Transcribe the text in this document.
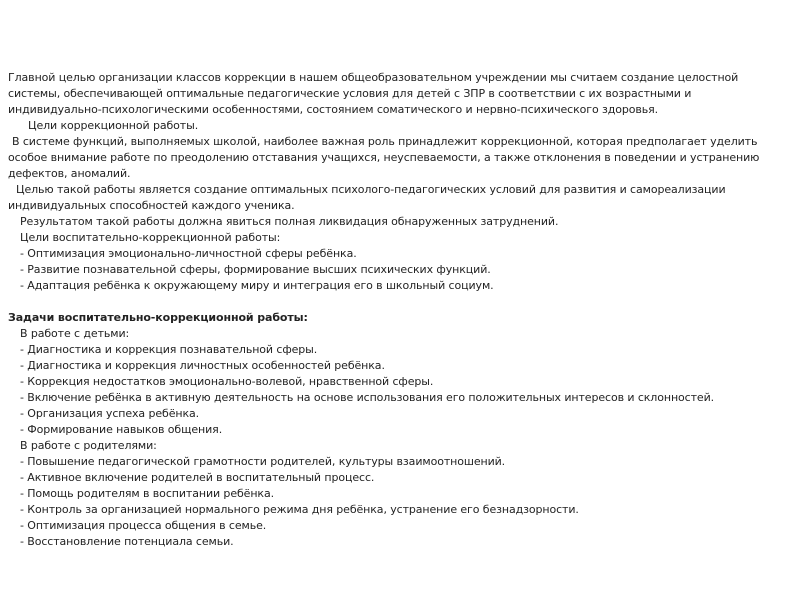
Главной целью организации классов коррекции в нашем общеобразовательном учреждении мы считаем создание целостной системы, обеспечивающей оптимальные педагогические условия для детей с ЗПР в соответствии с их возрастными и индивидуально-психологическими особенностями, состоянием соматического и нервно-психического здоровья.

Цели коррекционной работы.

В системе функций, выполняемых школой, наиболее важная роль принадлежит коррекционной, которая предполагает уделить особое внимание работе по преодолению отставания учащихся, неуспеваемости, а также отклонения в поведении и устранению дефектов, аномалий.

Целью такой работы является создание оптимальных психолого-педагогических условий для развития и самореализации индивидуальных способностей каждого ученика.

Результатом такой работы должна явиться полная ликвидация обнаруженных затруднений.

Цели воспитательно-коррекционной работы:

- Оптимизация эмоционально-личностной сферы ребёнка.

- Развитие познавательной сферы, формирование высших психических функций.

- Адаптация ребёнка к окружающему миру и интеграция его в школьный социум.

Задачи воспитательно-коррекционной работы:

В работе с детьми:

- Диагностика и коррекция познавательной сферы.

- Диагностика и коррекция личностных особенностей ребёнка.

- Коррекция недостатков эмоционально-волевой, нравственной сферы.

- Включение ребёнка в активную деятельность на основе использования его положительных интересов и склонностей.

- Организация успеха ребёнка.

- Формирование навыков общения.

В работе с родителями:

- Повышение педагогической грамотности родителей, культуры взаимоотношений.

- Активное включение родителей в воспитательный процесс.

- Помощь родителям в воспитании ребёнка.

- Контроль за организацией нормального режима дня ребёнка, устранение его безнадзорности.

- Оптимизация процесса общения в семье.

- Восстановление потенциала семьи.
